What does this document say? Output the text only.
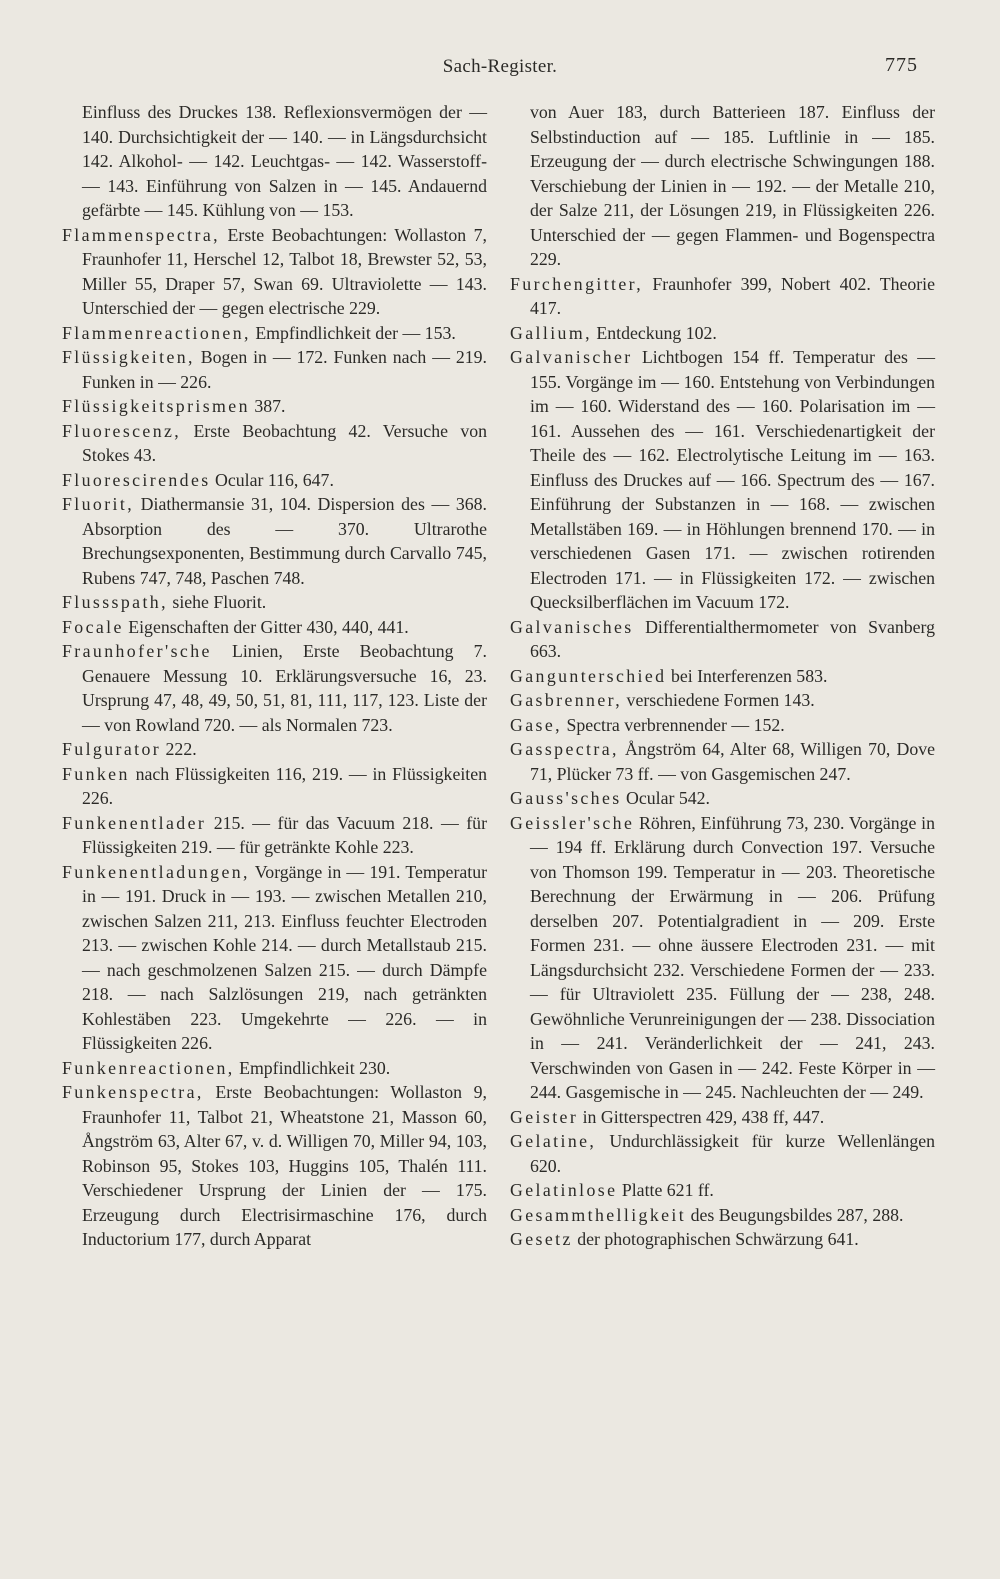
Sach-Register.	775

Einfluss des Druckes 138. Reflexionsvermögen der — 140. Durchsichtigkeit der — 140. — in Längsdurchsicht 142. Alkohol- — 142. Leuchtgas- — 142. Wasserstoff- — 143. Einführung von Salzen in — 145. Andauernd gefärbte — 145. Kühlung von — 153.

Flammenspectra, Erste Beobachtungen: Wollaston 7, Fraunhofer 11, Herschel 12, Talbot 18, Brewster 52, 53, Miller 55, Draper 57, Swan 69. Ultraviolette — 143. Unterschied der — gegen electrische 229.

Flammenreactionen, Empfindlichkeit der — 153.

Flüssigkeiten, Bogen in — 172. Funken nach — 219. Funken in — 226.

Flüssigkeitsprismen 387.

Fluorescenz, Erste Beobachtung 42. Versuche von Stokes 43.

Fluorescirendes Ocular 116, 647.

Fluorit, Diathermansie 31, 104. Dispersion des — 368. Absorption des — 370. Ultrarothe Brechungsexponenten, Bestimmung durch Carvallo 745, Rubens 747, 748, Paschen 748.

Flussspath, siehe Fluorit.

Focale Eigenschaften der Gitter 430, 440, 441.

Fraunhofer'sche Linien, Erste Beobachtung 7. Genauere Messung 10. Erklärungsversuche 16, 23. Ursprung 47, 48, 49, 50, 51, 81, 111, 117, 123. Liste der — von Rowland 720. — als Normalen 723.

Fulgurator 222.

Funken nach Flüssigkeiten 116, 219. — in Flüssigkeiten 226.

Funkenentlader 215. — für das Vacuum 218. — für Flüssigkeiten 219. — für getränkte Kohle 223.

Funkenentladungen, Vorgänge in — 191. Temperatur in — 191. Druck in — 193. — zwischen Metallen 210, zwischen Salzen 211, 213. Einfluss feuchter Electroden 213. — zwischen Kohle 214. — durch Metallstaub 215. — nach geschmolzenen Salzen 215. — durch Dämpfe 218. — nach Salzlösungen 219, nach getränkten Kohlestäben 223. Umgekehrte — 226. — in Flüssigkeiten 226.

Funkenreactionen, Empfindlichkeit 230.

Funkenspectra, Erste Beobachtungen: Wollaston 9, Fraunhofer 11, Talbot 21, Wheatstone 21, Masson 60, Ångström 63, Alter 67, v. d. Willigen 70, Miller 94, 103, Robinson 95, Stokes 103, Huggins 105, Thalén 111. Verschiedener Ursprung der Linien der — 175. Erzeugung durch Electrisirmaschine 176, durch Inductorium 177, durch Apparat

von Auer 183, durch Batterieen 187. Einfluss der Selbstinduction auf — 185. Luftlinie in — 185. Erzeugung der — durch electrische Schwingungen 188. Verschiebung der Linien in — 192. — der Metalle 210, der Salze 211, der Lösungen 219, in Flüssigkeiten 226. Unterschied der — gegen Flammen- und Bogenspectra 229.

Furchengitter, Fraunhofer 399, Nobert 402. Theorie 417.

Gallium, Entdeckung 102.

Galvanischer Lichtbogen 154 ff. Temperatur des — 155. Vorgänge im — 160. Entstehung von Verbindungen im — 160. Widerstand des — 160. Polarisation im — 161. Aussehen des — 161. Verschiedenartigkeit der Theile des — 162. Electrolytische Leitung im — 163. Einfluss des Druckes auf — 166. Spectrum des — 167. Einführung der Substanzen in — 168. — zwischen Metallstäben 169. — in Höhlungen brennend 170. — in verschiedenen Gasen 171. — zwischen rotirenden Electroden 171. — in Flüssigkeiten 172. — zwischen Quecksilberflächen im Vacuum 172.

Galvanisches Differentialthermometer von Svanberg 663.

Gangunterschied bei Interferenzen 583.

Gasbrenner, verschiedene Formen 143.

Gase, Spectra verbrennender — 152.

Gasspectra, Ångström 64, Alter 68, Willigen 70, Dove 71, Plücker 73 ff. — von Gasgemischen 247.

Gauss'sches Ocular 542.

Geissler'sche Röhren, Einführung 73, 230. Vorgänge in — 194 ff. Erklärung durch Convection 197. Versuche von Thomson 199. Temperatur in — 203. Theoretische Berechnung der Erwärmung in — 206. Prüfung derselben 207. Potentialgradient in — 209. Erste Formen 231. — ohne äussere Electroden 231. — mit Längsdurchsicht 232. Verschiedene Formen der — 233. — für Ultraviolett 235. Füllung der — 238, 248. Gewöhnliche Verunreinigungen der — 238. Dissociation in — 241. Veränderlichkeit der — 241, 243. Verschwinden von Gasen in — 242. Feste Körper in — 244. Gasgemische in — 245. Nachleuchten der — 249.

Geister in Gitterspectren 429, 438 ff, 447.

Gelatine, Undurchlässigkeit für kurze Wellenlängen 620.

Gelatinlose Platte 621 ff.

Gesammthelligkeit des Beugungsbildes 287, 288.

Gesetz der photographischen Schwärzung 641.
